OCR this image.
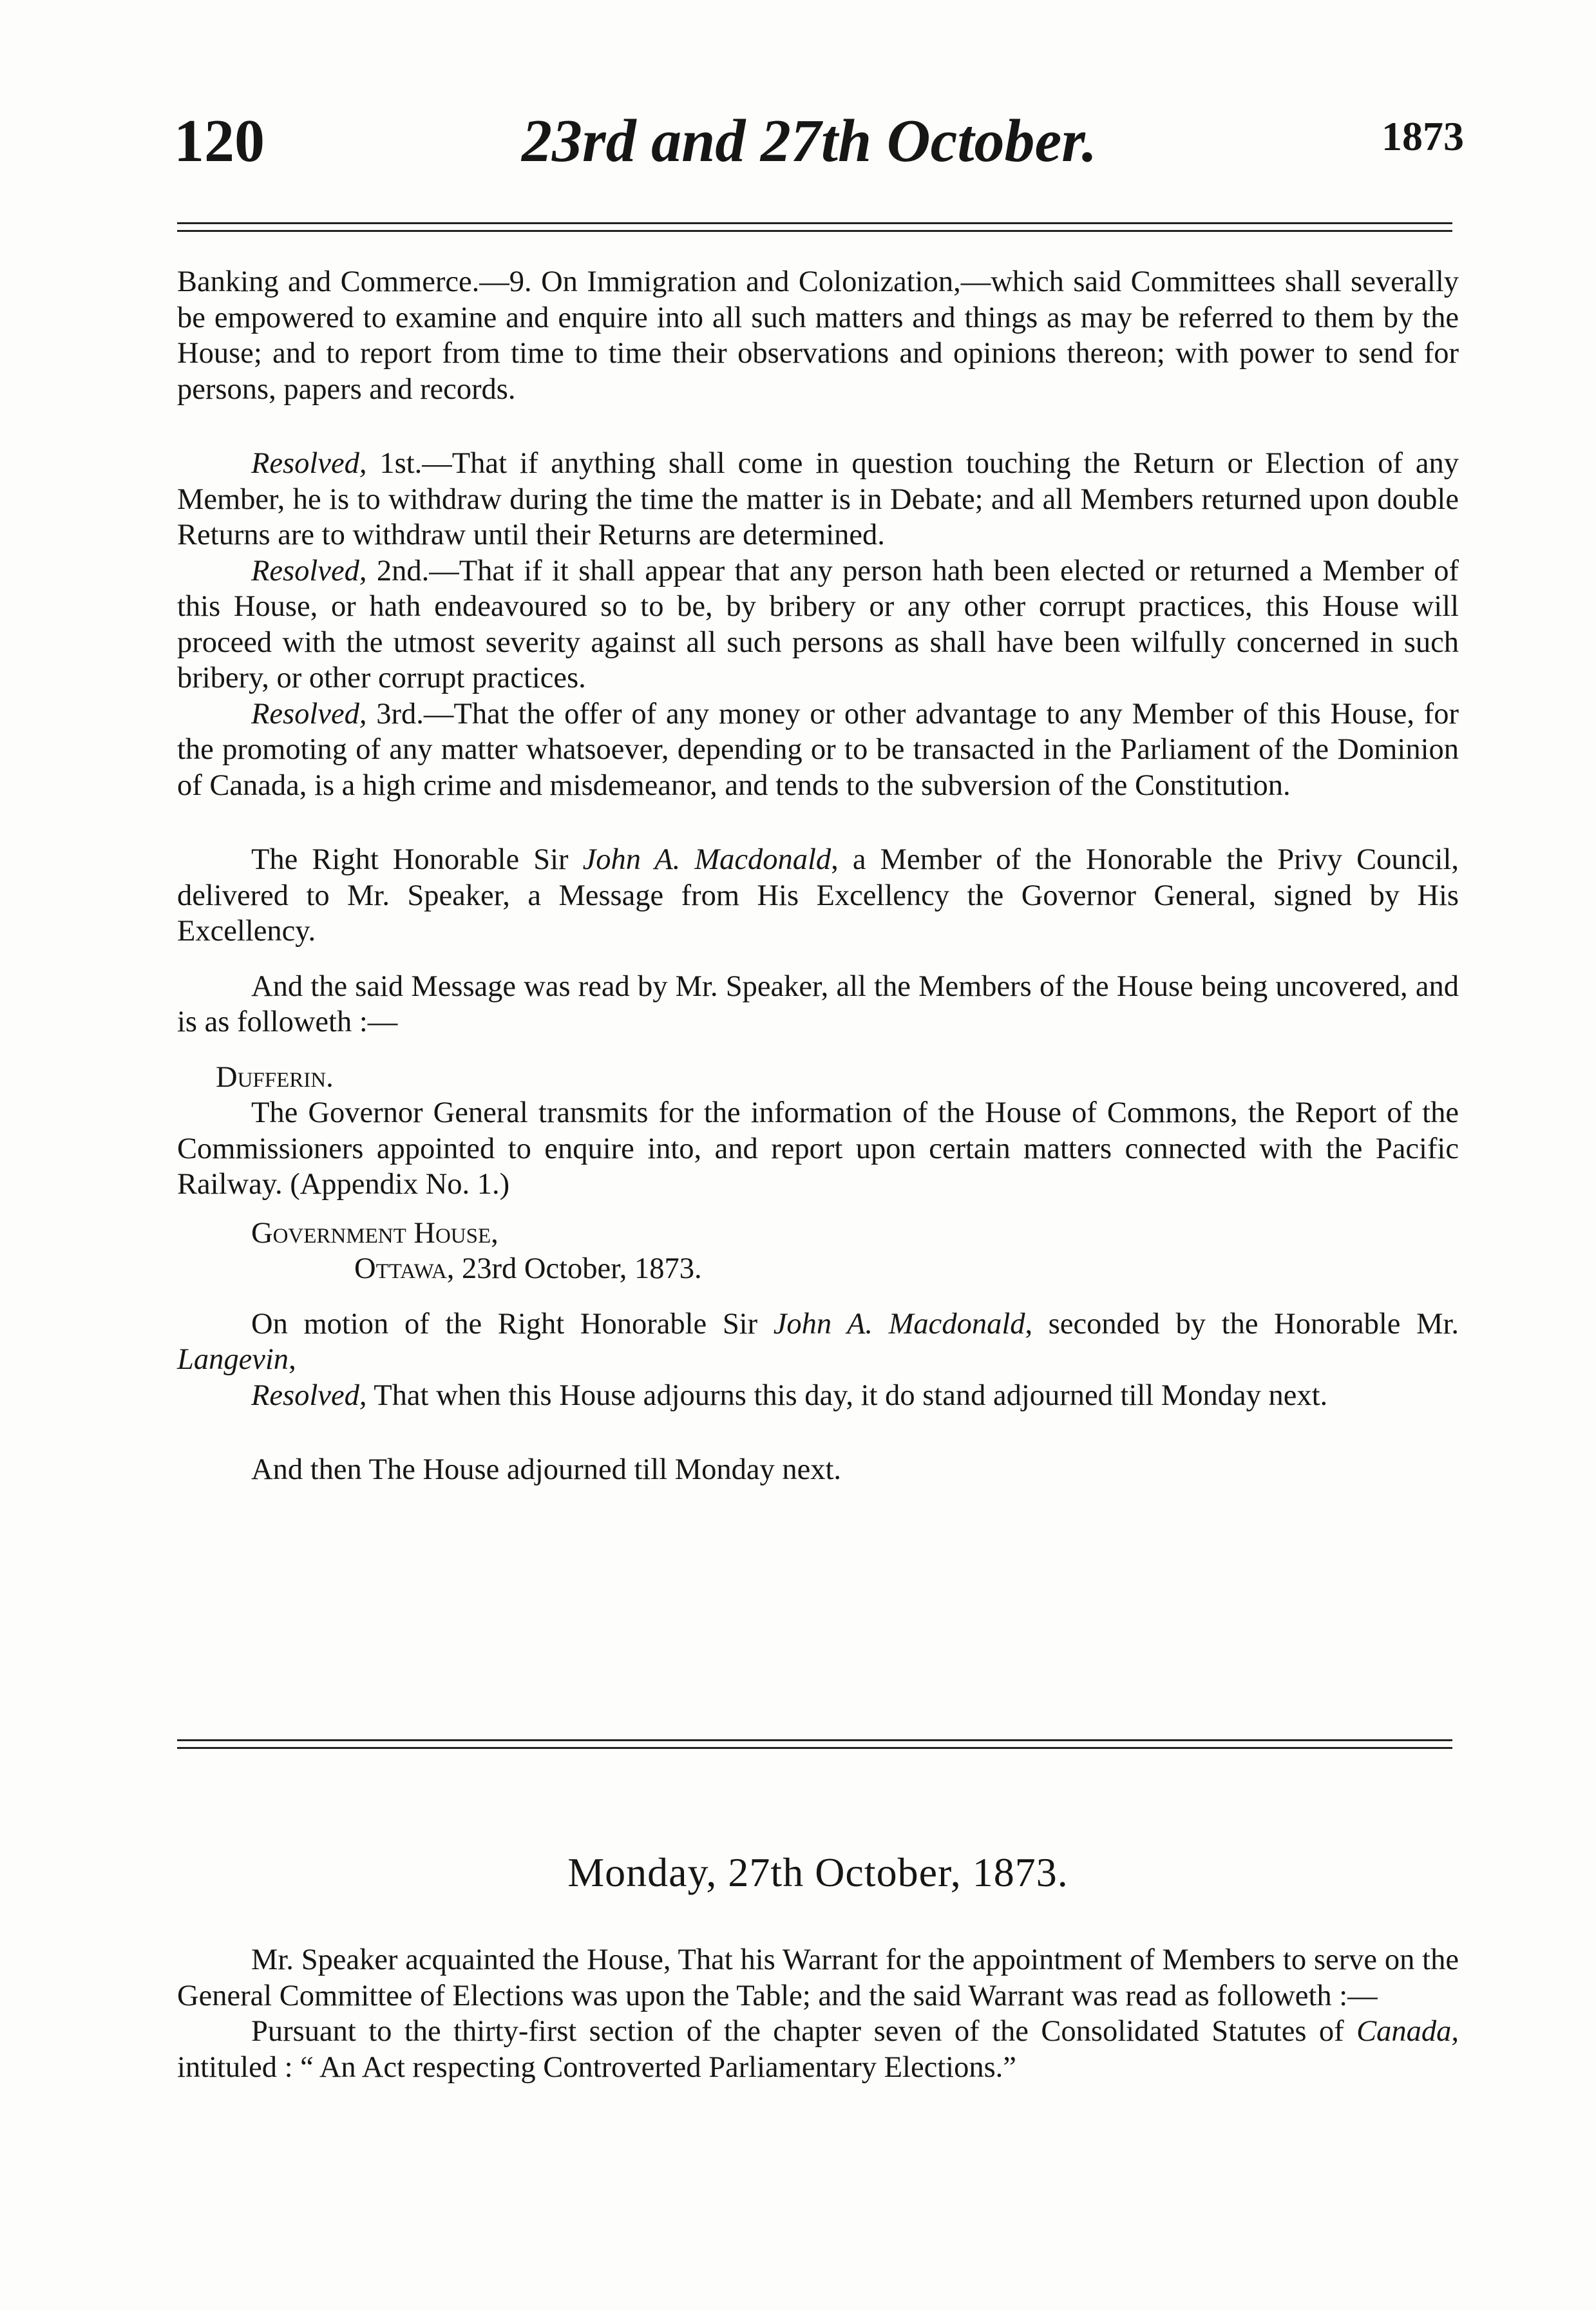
120	23rd and 27th October.	1873

Banking and Commerce.—9. On Immigration and Colonization,—which said Committees shall severally be empowered to examine and enquire into all such matters and things as may be referred to them by the House; and to report from time to time their observations and opinions thereon; with power to send for persons, papers and records.

Resolved, 1st.—That if anything shall come in question touching the Return or Election of any Member, he is to withdraw during the time the matter is in Debate; and all Members returned upon double Returns are to withdraw until their Returns are determined.

Resolved, 2nd.—That if it shall appear that any person hath been elected or returned a Member of this House, or hath endeavoured so to be, by bribery or any other corrupt practices, this House will proceed with the utmost severity against all such persons as shall have been wilfully concerned in such bribery, or other corrupt practices.

Resolved, 3rd.—That the offer of any money or other advantage to any Member of this House, for the promoting of any matter whatsoever, depending or to be transacted in the Parliament of the Dominion of Canada, is a high crime and misdemeanor, and tends to the subversion of the Constitution.

The Right Honorable Sir John A. Macdonald, a Member of the Honorable the Privy Council, delivered to Mr. Speaker, a Message from His Excellency the Governor General, signed by His Excellency.

And the said Message was read by Mr. Speaker, all the Members of the House being uncovered, and is as followeth :—

Dufferin.

The Governor General transmits for the information of the House of Commons, the Report of the Commissioners appointed to enquire into, and report upon certain matters connected with the Pacific Railway. (Appendix No. 1.)

Government House,

Ottawa, 23rd October, 1873.

On motion of the Right Honorable Sir John A. Macdonald, seconded by the Honorable Mr. Langevin,

Resolved, That when this House adjourns this day, it do stand adjourned till Monday next.

And then The House adjourned till Monday next.

Monday, 27th October, 1873.

Mr. Speaker acquainted the House, That his Warrant for the appointment of Members to serve on the General Committee of Elections was upon the Table; and the said Warrant was read as followeth :—

Pursuant to the thirty-first section of the chapter seven of the Consolidated Statutes of Canada, intituled : “ An Act respecting Controverted Parliamentary Elections.”
